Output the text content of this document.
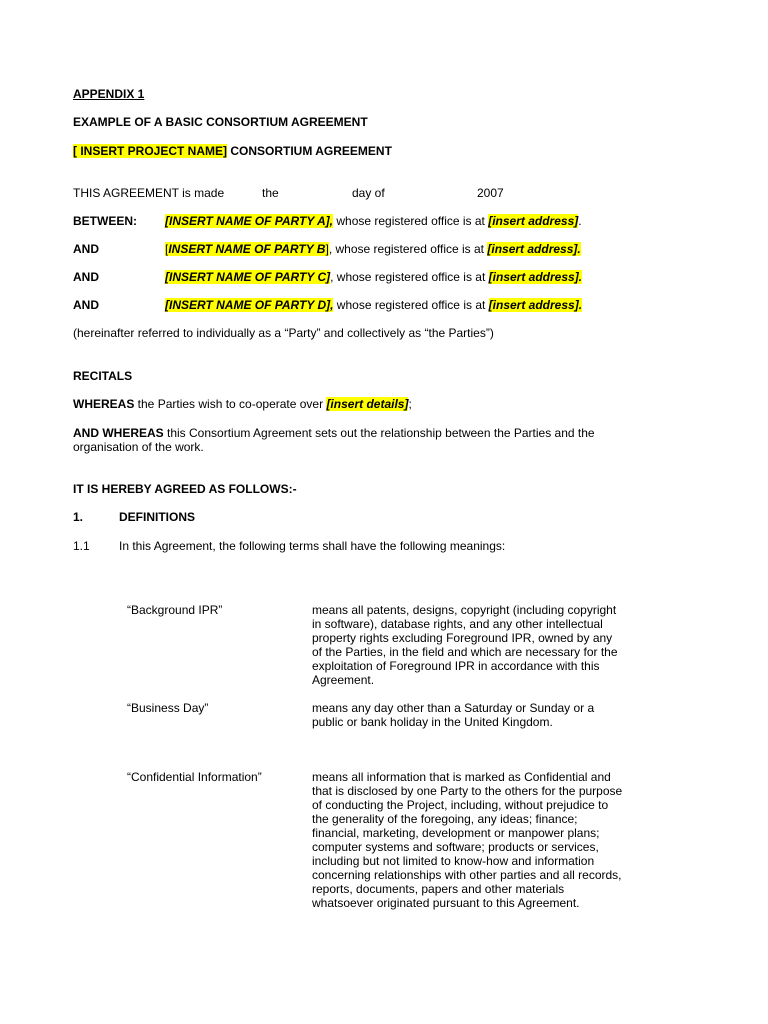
APPENDIX 1
EXAMPLE OF A BASIC CONSORTIUM AGREEMENT
[ INSERT PROJECT NAME] CONSORTIUM AGREEMENT
THIS AGREEMENT is made	the	day of	2007
BETWEEN: [INSERT NAME OF PARTY A], whose registered office is at [insert address].
AND	[INSERT NAME OF PARTY B], whose registered office is at [insert address].
AND	[INSERT NAME OF PARTY C], whose registered office is at [insert address].
AND	[INSERT NAME OF PARTY D], whose registered office is at [insert address].
(hereinafter referred to individually as a “Party” and collectively as “the Parties”)
RECITALS
WHEREAS the Parties wish to co-operate over [insert details];
AND WHEREAS this Consortium Agreement sets out the relationship between the Parties and the
organisation of the work.
IT IS HEREBY AGREED AS FOLLOWS:-
1.	DEFINITIONS
1.1 In this Agreement, the following terms shall have the following meanings:
“Background IPR”	means all patents, designs, copyright (including copyright
in software), database rights, and any other intellectual
property rights excluding Foreground IPR, owned by any
of the Parties, in the field and which are necessary for the
exploitation of Foreground IPR in accordance with this
Agreement.
“Business Day”	means any day other than a Saturday or Sunday or a
public or bank holiday in the United Kingdom.
“Confidential Information”	means all information that is marked as Confidential and
that is disclosed by one Party to the others for the purpose
of conducting the Project, including, without prejudice to
the generality of the foregoing, any ideas; finance;
financial, marketing, development or manpower plans;
computer systems and software; products or services,
including but not limited to know-how and information
concerning relationships with other parties and all records,
reports, documents, papers and other materials
whatsoever originated pursuant to this Agreement.
